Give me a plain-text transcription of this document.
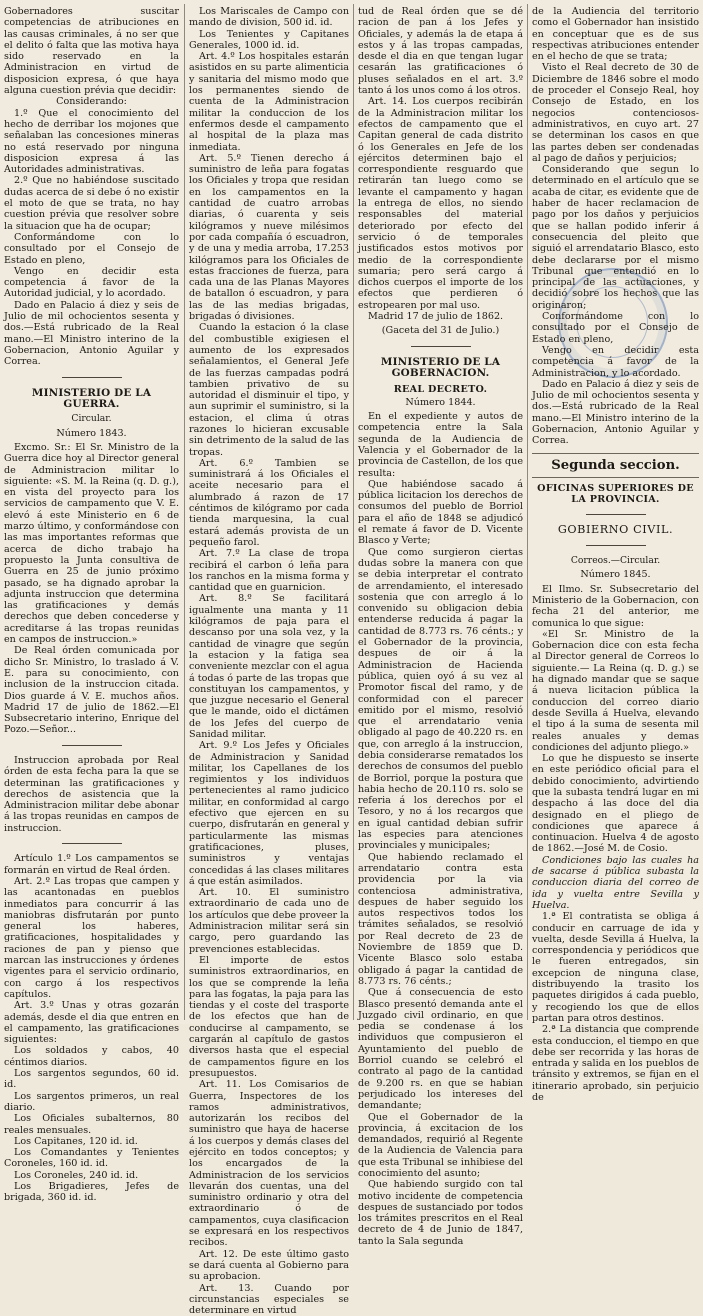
Gobernadores suscitar competencias de atribuciones en las causas criminales, á no ser que el delito ó falta que las motiva haya sido reservado en la Administracion en virtud de disposicion expresa, ó que haya alguna cuestion prévia que decidir:

Considerando:

1.º Que el conocimiento del hecho de derribar los mojones que señalaban las concesiones mineras no está reservado por ninguna disposicion expresa á las Autoridades administrativas.

2.º Que no habiéndose suscitado dudas acerca de si debe ó no existir el moto de que se trata, no hay cuestion prévia que resolver sobre la situacion que ha de ocupar;

Conformándome con lo consultado por el Consejo de Estado en pleno,

Vengo en decidir esta competencia á favor de la Autoridad judicial, y lo acordado.

Dado en Palacio á diez y seis de Julio de mil ochocientos sesenta y dos.—Está rubricado de la Real mano.—El Ministro interino de la Gobernacion, Antonio Aguilar y Correa.

MINISTERIO DE LA GUERRA.
Circular.
Número 1843.

Excmo. Sr.: El Sr. Ministro de la Guerra dice hoy al Director general de Administracion militar lo siguiente: «S. M. la Reina (q. D. g.), en vista del proyecto para los servicios de campamento que V. E. elevó á este Ministerio en 6 de marzo último, y conformándose con las mas importantes reformas que acerca de dicho trabajo ha propuesto la Junta consultiva de Guerra en 25 de junio próximo pasado, se ha dignado aprobar la adjunta instruccion que determina las gratificaciones y demás derechos que deben concederse y acreditarse á las tropas reunidas en campos de instruccion.»

De Real órden comunicada por dicho Sr. Ministro, lo traslado á V. E. para su conocimiento, con inclusion de la instruccion citada. Dios guarde á V. E. muchos años. Madrid 17 de julio de 1862.—El Subsecretario interino, Enrique del Pozo.—Señor...

Instruccion aprobada por Real órden de esta fecha para la que se determinan las gratificaciones y derechos de asistencia que la Administracion militar debe abonar á las tropas reunidas en campos de instruccion.

Artículo 1.º Los campamentos se formarán en virtud de Real órden.

Art. 2.º Las tropas que campen y las acantonadas en pueblos inmediatos para concurrir á las maniobras disfrutarán por punto general los haberes, gratificaciones, hospitalidades y raciones de pan y pienso que marcan las instrucciones y órdenes vigentes para el servicio ordinario, con cargo á los respectivos capítulos.

Art. 3.º Unas y otras gozarán además, desde el dia que entren en el campamento, las gratificaciones siguientes:

Los soldados y cabos, 40 céntimos diarios.

Los sargentos segundos, 60 id. id.

Los sargentos primeros, un real diario.

Los Oficiales subalternos, 80 reales mensuales.

Los Capitanes, 120 id. id.

Los Comandantes y Tenientes Coroneles, 160 id. id.

Los Coroneles, 240 id. id.

Los Brigadieres, Jefes de brigada, 360 id. id.

Los Mariscales de Campo con mando de division, 500 id. id.

Los Tenientes y Capitanes Generales, 1000 id. id.

Art. 4.º Los hospitales estarán asistidos en su parte alimenticia y sanitaria del mismo modo que los permanentes siendo de cuenta de la Administracion militar la conduccion de los enfermos desde el campamento al hospital de la plaza mas inmediata.

Art. 5.º Tienen derecho á suministro de leña para fogatas los Oficiales y tropa que residan en los campamentos en la cantidad de cuatro arrobas diarias, ó cuarenta y seis kilógramos y nueve milésimos por cada compañía ó escuadron, y de una y media arroba, 17.253 kilógramos para los Oficiales de estas fracciones de fuerza, para cada una de las Planas Mayores de batallon ó escuadron, y para las de las medias brigadas, brigadas ó divisiones.

Cuando la estacion ó la clase del combustible exigiesen el aumento de los expresados señalamientos, el General Jefe de las fuerzas campadas podrá tambien privativo de su autoridad el disminuir el tipo, y aun suprimir el suministro, si la estacion, el clima ú otras razones lo hicieran excusable sin detrimento de la salud de las tropas.

Art. 6.º Tambien se suministrará á los Oficiales el aceite necesario para el alumbrado á razon de 17 céntimos de kilógramo por cada tienda marquesina, la cual estará además provista de un pequeño farol.

Art. 7.º La clase de tropa recibirá el carbon ó leña para los ranchos en la misma forma y cantidad que en guarnicion.

Art. 8.º Se facilitará igualmente una manta y 11 kilógramos de paja para el descanso por una sola vez, y la cantidad de vinagre que según la estacion y la fatiga sea conveniente mezclar con el agua á todas ó parte de las tropas que constituyan los campamentos, y que juzgue necesario el General que le mande, oido el dictámen de los Jefes del cuerpo de Sanidad militar.

Art. 9.º Los Jefes y Oficiales de Administracion y Sanidad militar, los Capellanes de los regimientos y los individuos pertenecientes al ramo judicico militar, en conformidad al cargo efectivo que ejercen en su cuerpo, disfrutarán en general y particularmente las mismas gratificaciones, pluses, suministros y ventajas concedidas á las clases militares á que están asimilados.

Art. 10. El suministro extraordinario de cada uno de los artículos que debe proveer la Administracion militar será sin cargo, pero guardando las prevenciones establecidas.

El importe de estos suministros extraordinarios, en los que se comprende la leña para las fogatas, la paja para las tiendas y el coste del trasporte de los efectos que han de conducirse al campamento, se cargarán al capítulo de gastos diversos hasta que el especial de campamentos figure en los presupuestos.

Art. 11. Los Comisarios de Guerra, Inspectores de los ramos administrativos, autorizarán los recibos del suministro que haya de hacerse á los cuerpos y demás clases del ejército en todos conceptos; y los encargados de la Administracion de los servicios llevarán dos cuentas, una del suministro ordinario y otra del extraordinario ó de campamentos, cuya clasificacion se expresará en los respectivos recibos.

Art. 12. De este último gasto se dará cuenta al Gobierno para su aprobacion.

Art. 13. Cuando por circunstancias especiales se determinare en virtud

tud de Real órden que se dé racion de pan á los Jefes y Oficiales, y además la de etapa á estos y á las tropas campadas, desde el dia en que tengan lugar cesarán las gratificaciones ó pluses señalados en el art. 3.º tanto á los unos como á los otros.

Art. 14. Los cuerpos recibirán de la Administracion militar los efectos de campamento que el Capitan general de cada distrito ó los Generales en Jefe de los ejércitos determinen bajo el correspondiente resguardo que retirarán tan luego como se levante el campamento y hagan la entrega de ellos, no siendo responsables del material deteriorado por efecto del servicio ó de temporales justificados estos motivos por medio de la correspondiente sumaria; pero será cargo á dichos cuerpos el importe de los efectos que perdieren ó estropearen por mal uso.

Madrid 17 de julio de 1862.

(Gaceta del 31 de Julio.)
MINISTERIO DE LA GOBERNACION.
REAL DECRETO.
Número 1844.

En el expediente y autos de competencia entre la Sala segunda de la Audiencia de Valencia y el Gobernador de la provincia de Castellon, de los que resulta:

Que habiéndose sacado á pública licitacion los derechos de consumos del pueblo de Borriol para el año de 1848 se adjudicó el remate á favor de D. Vicente Blasco y Verte;

Que como surgieron ciertas dudas sobre la manera con que se debia interpretar el contrato de arrendamiento, el interesado sostenia que con arreglo á lo convenido su obligacion debia entenderse reducida á pagar la cantidad de 8.773 rs. 76 cénts.; y el Gobernador de la provincia, despues de oir á la Administracion de Hacienda pública, quien oyó á su vez al Promotor fiscal del ramo, y de conformidad con el parecer emitido por el mismo, resolvió que el arrendatario venia obligado al pago de 40.220 rs. en que, con arreglo á la instruccion, debia considerarse rematados los derechos de consumos del pueblo de Borriol, porque la postura que habia hecho de 20.110 rs. solo se referia á los derechos por el Tesoro, y no á los recargos que en igual cantidad debian sufrir las especies para atenciones provinciales y municipales;

Que habiendo reclamado el arrendatario contra esta providencia por la via contenciosa administrativa, despues de haber seguido los autos respectivos todos los trámites señalados, se resolvió por Real decreto de 23 de Noviembre de 1859 que D. Vicente Blasco solo estaba obligado á pagar la cantidad de 8.773 rs. 76 cénts.;

Que á consecuencia de esto Blasco presentó demanda ante el Juzgado civil ordinario, en que pedia se condenase á los individuos que compusieron el Ayuntamiento del pueblo de Borriol cuando se celebró el contrato al pago de la cantidad de 9.200 rs. en que se habian perjudicado los intereses del demandante;

Que el Gobernador de la provincia, á excitacion de los demandados, requirió al Regente de la Audiencia de Valencia para que esta Tribunal se inhibiese del conocimiento del asunto;

Que habiendo surgido con tal motivo incidente de competencia despues de sustanciado por todos los trámites prescritos en el Real decreto de 4 de Junio de 1847, tanto la Sala segunda

de la Audiencia del territorio como el Gobernador han insistido en conceptuar que es de sus respectivas atribuciones entender en el hecho de que se trata;

Visto el Real decreto de 30 de Diciembre de 1846 sobre el modo de proceder el Consejo Real, hoy Consejo de Estado, en los negocios contenciosos-administrativos, en cuyo art. 27 se determinan los casos en que las partes deben ser condenadas al pago de daños y perjuicios;

Considerando que segun lo determinado en el artículo que se acaba de citar, es evidente que de haber de hacer reclamacion de pago por los daños y perjuicios que se hallan podido inferir á consecuencia del pleito que siguió el arrendatario Blasco, esto debe declararse por el mismo Tribunal que entendió en lo principal de las actuaciones, y decidió sobre los hechos que las originaron;

Conformándome con lo consultado por el Consejo de Estado en pleno,

Vengo en decidir esta competencia á favor de la Administracion, y lo acordado.

Dado en Palacio á diez y seis de Julio de mil ochocientos sesenta y dos.—Está rubricado de la Real mano.—El Ministro interino de la Gobernacion, Antonio Aguilar y Correa.

Segunda seccion.
OFICINAS SUPERIORES DE LA PROVINCIA.
GOBIERNO CIVIL.
Correos.—Circular.
Número 1845.

El Ilmo. Sr. Subsecretario del Ministerio de la Gobernacion, con fecha 21 del anterior, me comunica lo que sigue:

«El Sr. Ministro de la Gobernacion dice con esta fecha al Director general de Correos lo siguiente.— La Reina (q. D. g.) se ha dignado mandar que se saque á nueva licitacion pública la conduccion del correo diario desde Sevilla á Huelva, elevando el tipo á la suma de sesenta mil reales anuales y demas condiciones del adjunto pliego.»

Lo que he dispuesto se inserte en este periódico oficial para el debido conocimiento, advirtiendo que la subasta tendrá lugar en mi despacho á las doce del dia designado en el pliego de condiciones que aparece á continuacion. Huelva 4 de agosto de 1862.—José M. de Cosio.

Condiciones bajo las cuales ha de sacarse á pública subasta la conduccion diaria del correo de ida y vuelta entre Sevilla y Huelva.

1.ª El contratista se obliga á conducir en carruage de ida y vuelta, desde Sevilla á Huelva, la correspondencia y periódicos que le fueren entregados, sin excepcion de ninguna clase, distribuyendo la trasito los paquetes dirigidos á cada pueblo, y recogiendo los que de ellos partan para otros destinos.

2.ª La distancia que comprende esta conduccion, el tiempo en que debe ser recorrida y las horas de entrada y salida en los pueblos de tránsito y extremos, se fijan en el itinerario aprobado, sin perjuicio de
